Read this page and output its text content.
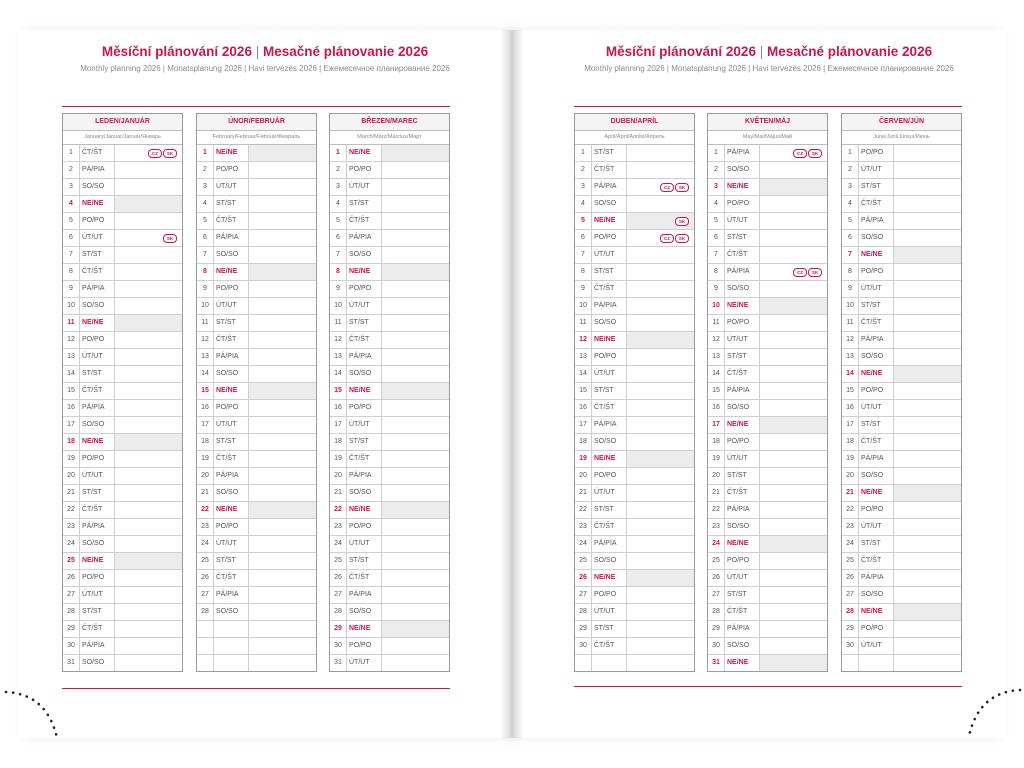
Měsíční plánování 2026 | Mesačné plánovanie 2026
Monthly planning 2026 | Monatsplanung 2026 | Havi tervezés 2026 | Ежемесячное планирование 2026
Měsíční plánování 2026 | Mesačné plánovanie 2026
Monthly planning 2026 | Monatsplanung 2026 | Havi tervezés 2026 | Ежемесячное планирование 2026
LEDEN/JANUÁR
January/Januar/Január/Январь
1	ČT/ŠT	CZ	SK
2	PÁ/PIA
3	SO/SO
4	NE/NE
5	PO/PO
6	ÚT/UT	SK
7	ST/ST
8	ČT/ŠT
9	PÁ/PIA
10	SO/SO
11	NE/NE
12	PO/PO
13	ÚT/UT
14	ST/ST
15	ČT/ŠT
16	PÁ/PIA
17	SO/SO
18	NE/NE
19	PO/PO
20	ÚT/UT
21	ST/ST
22	ČT/ŠT
23	PÁ/PIA
24	SO/SO
25	NE/NE
26	PO/PO
27	ÚT/UT
28	ST/ST
29	ČT/ŠT
30	PÁ/PIA
31	SO/SO
ÚNOR/FEBRUÁR
February/Februar/Február/Февраль
1	NE/NE
2	PO/PO
3	ÚT/UT
4	ST/ST
5	ČT/ŠT
6	PÁ/PIA
7	SO/SO
8	NE/NE
9	PO/PO
10	ÚT/UT
11	ST/ST
12	ČT/ŠT
13	PÁ/PIA
14	SO/SO
15	NE/NE
16	PO/PO
17	ÚT/UT
18	ST/ST
19	ČT/ŠT
20	PÁ/PIA
21	SO/SO
22	NE/NE
23	PO/PO
24	ÚT/UT
25	ST/ST
26	ČT/ŠT
27	PÁ/PIA
28	SO/SO
BŘEZEN/MAREC
March/März/Március/Март
1	NE/NE
2	PO/PO
3	ÚT/UT
4	ST/ST
5	ČT/ŠT
6	PÁ/PIA
7	SO/SO
8	NE/NE
9	PO/PO
10	ÚT/UT
11	ST/ST
12	ČT/ŠT
13	PÁ/PIA
14	SO/SO
15	NE/NE
16	PO/PO
17	ÚT/UT
18	ST/ST
19	ČT/ŠT
20	PÁ/PIA
21	SO/SO
22	NE/NE
23	PO/PO
24	ÚT/UT
25	ST/ST
26	ČT/ŠT
27	PÁ/PIA
28	SO/SO
29	NE/NE
30	PO/PO
31	ÚT/UT
DUBEN/APRÍL
April/April/Április/Апрель
1	ST/ST
2	ČT/ŠT
3	PÁ/PIA	CZ	SK
4	SO/SO
5	NE/NE	SK
6	PO/PO	CZ	SK
7	ÚT/UT
8	ST/ST
9	ČT/ŠT
10	PÁ/PIA
11	SO/SO
12	NE/NE
13	PO/PO
14	ÚT/UT
15	ST/ST
16	ČT/ŠT
17	PÁ/PIA
18	SO/SO
19	NE/NE
20	PO/PO
21	ÚT/UT
22	ST/ST
23	ČT/ŠT
24	PÁ/PIA
25	SO/SO
26	NE/NE
27	PO/PO
28	ÚT/UT
29	ST/ST
30	ČT/ŠT
KVĚTEN/MÁJ
May/Mai/Május/Май
1	PÁ/PIA	CZ	SK
2	SO/SO
3	NE/NE
4	PO/PO
5	ÚT/UT
6	ST/ST
7	ČT/ŠT
8	PÁ/PIA	CZ	SK
9	SO/SO
10	NE/NE
11	PO/PO
12	ÚT/UT
13	ST/ST
14	ČT/ŠT
15	PÁ/PIA
16	SO/SO
17	NE/NE
18	PO/PO
19	ÚT/UT
20	ST/ST
21	ČT/ŠT
22	PÁ/PIA
23	SO/SO
24	NE/NE
25	PO/PO
26	ÚT/UT
27	ST/ST
28	ČT/ŠT
29	PÁ/PIA
30	SO/SO
31	NE/NE
ČERVEN/JÚN
June/Juni/Június/Июнь
1	PO/PO
2	ÚT/UT
3	ST/ST
4	ČT/ŠT
5	PÁ/PIA
6	SO/SO
7	NE/NE
8	PO/PO
9	ÚT/UT
10	ST/ST
11	ČT/ŠT
12	PÁ/PIA
13	SO/SO
14	NE/NE
15	PO/PO
16	ÚT/UT
17	ST/ST
18	ČT/ŠT
19	PÁ/PIA
20	SO/SO
21	NE/NE
22	PO/PO
23	ÚT/UT
24	ST/ST
25	ČT/ŠT
26	PÁ/PIA
27	SO/SO
28	NE/NE
29	PO/PO
30	ÚT/UT
